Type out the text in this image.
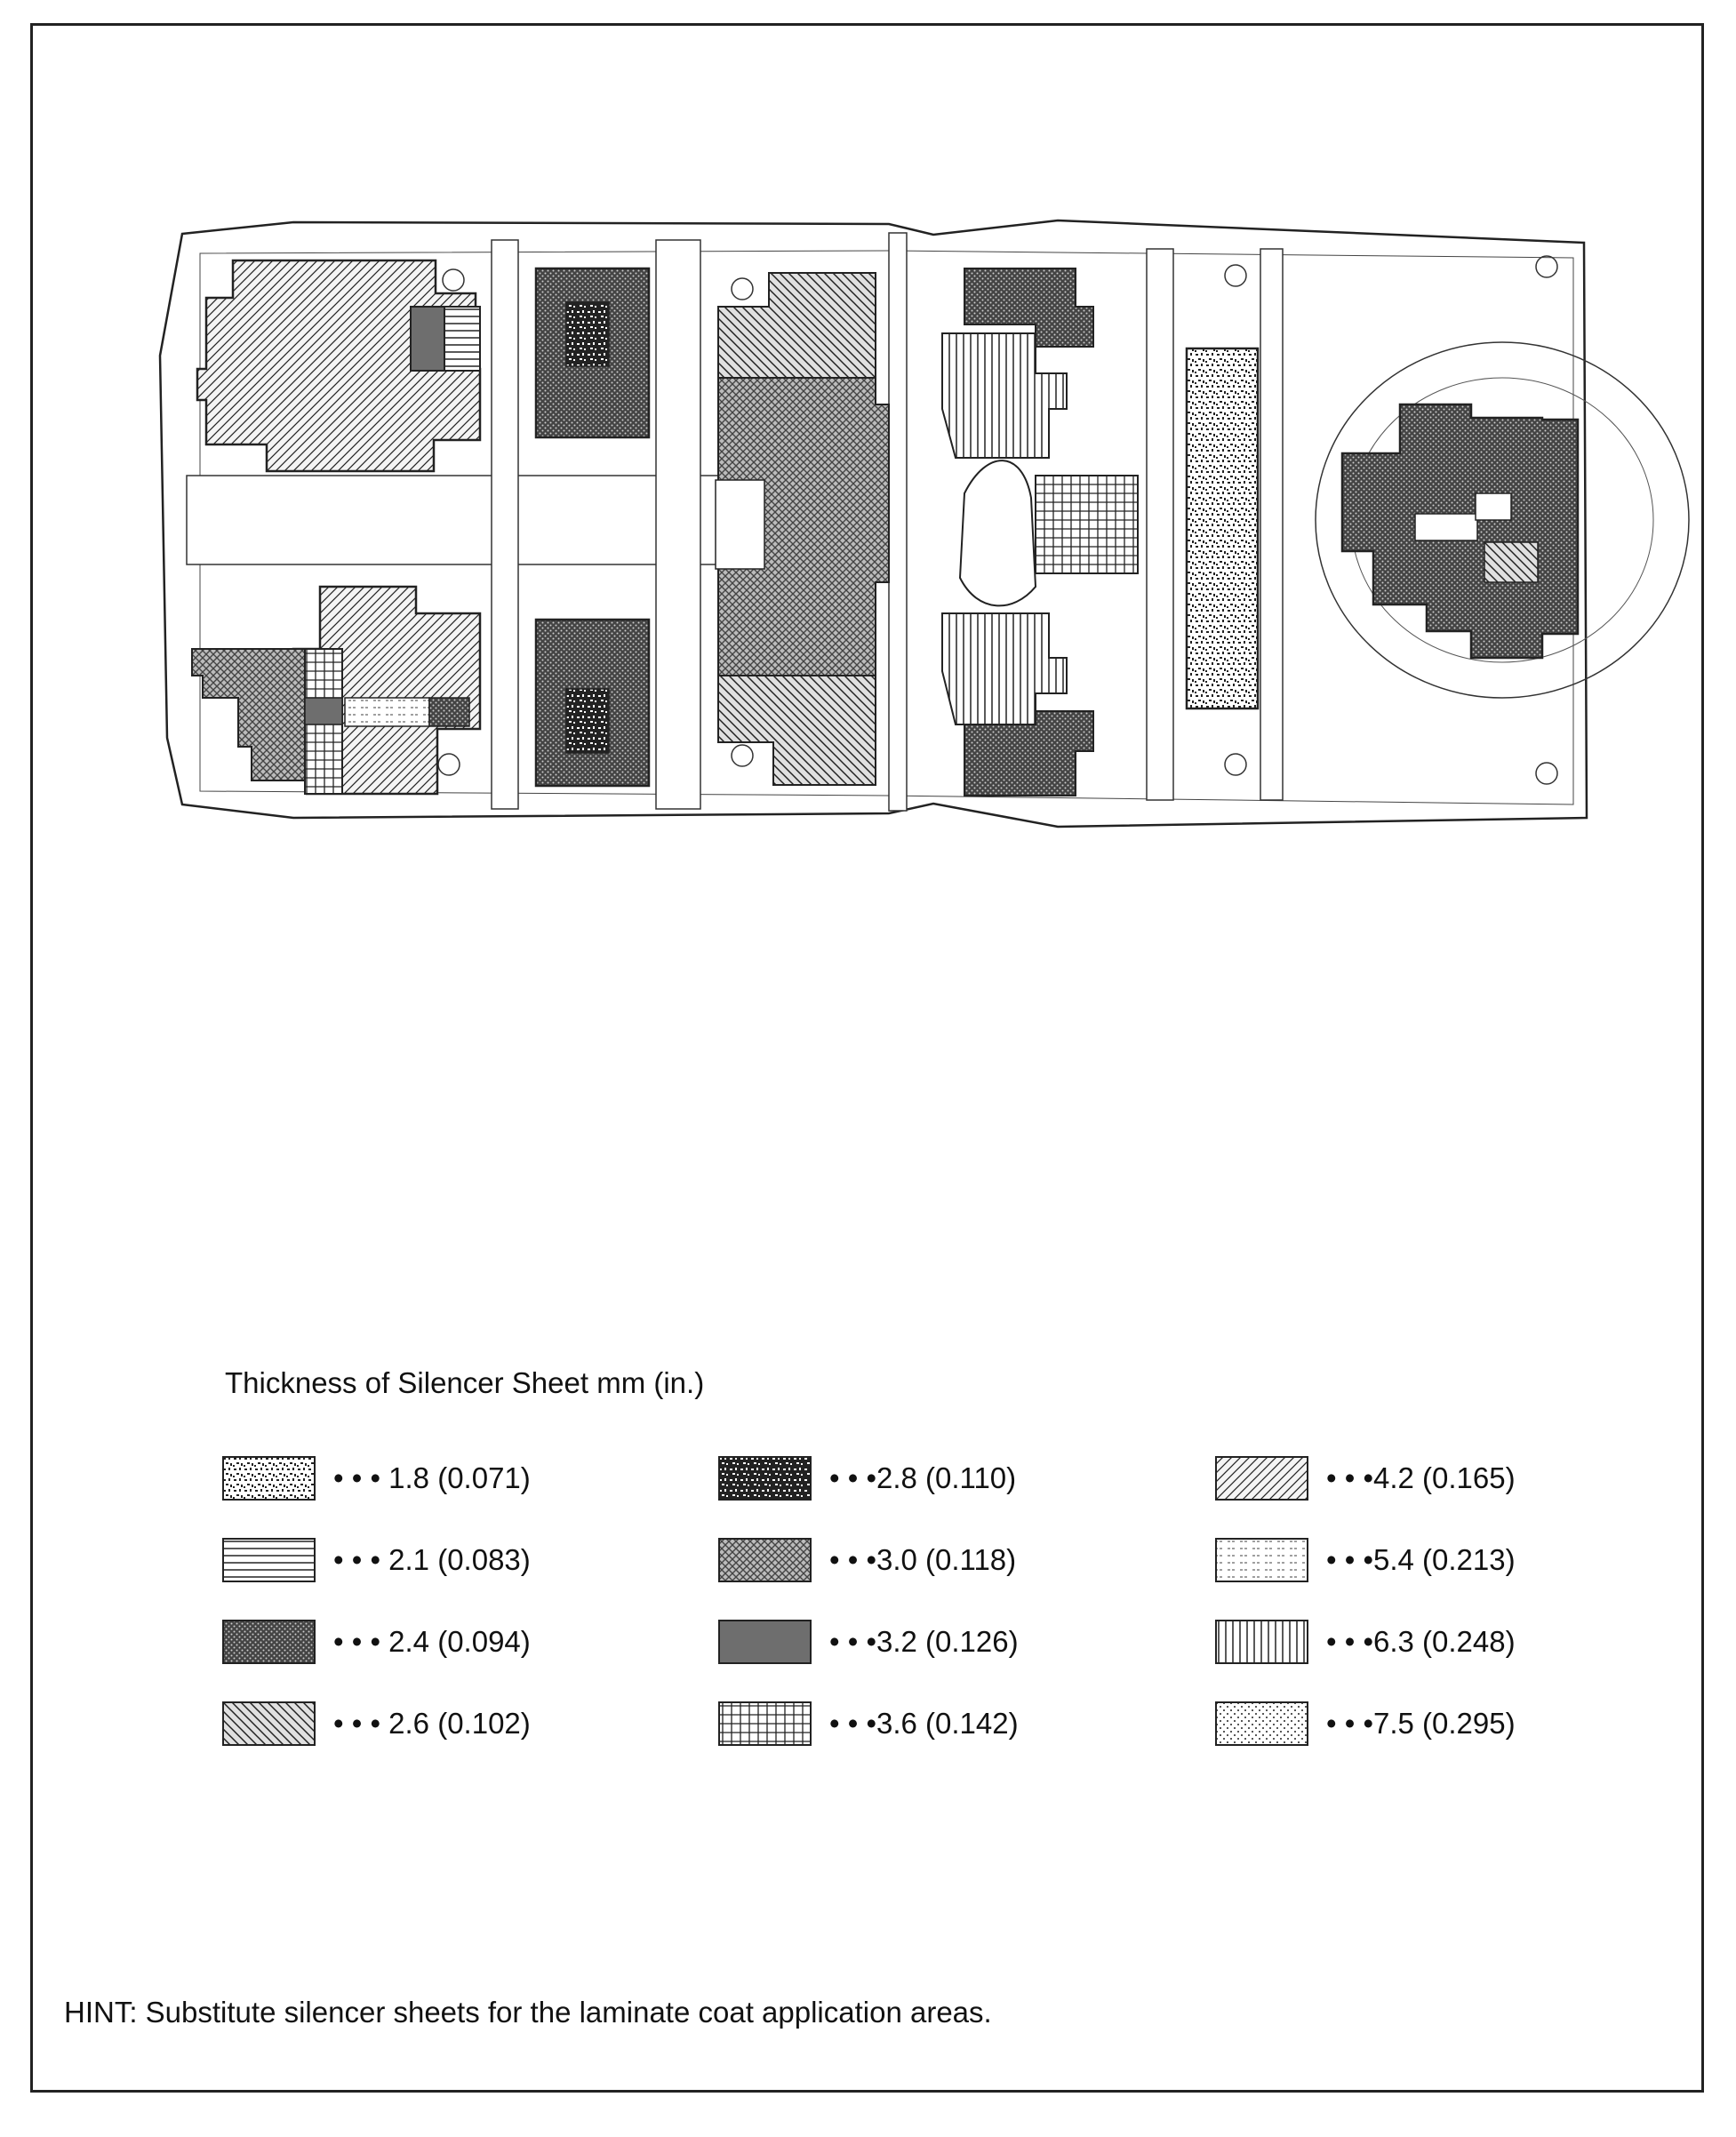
Thickness of Silencer Sheet mm (in.)
• • • 1.8 (0.071)
• • • 2.1 (0.083)
• • • 2.4 (0.094)
• • • 2.6 (0.102)
• • •2.8 (0.110)
• • •3.0 (0.118)
• • •3.2 (0.126)
• • •3.6 (0.142)
• • •4.2 (0.165)
• • •5.4 (0.213)
• • •6.3 (0.248)
• • •7.5 (0.295)
HINT: Substitute silencer sheets for the laminate coat application areas.
